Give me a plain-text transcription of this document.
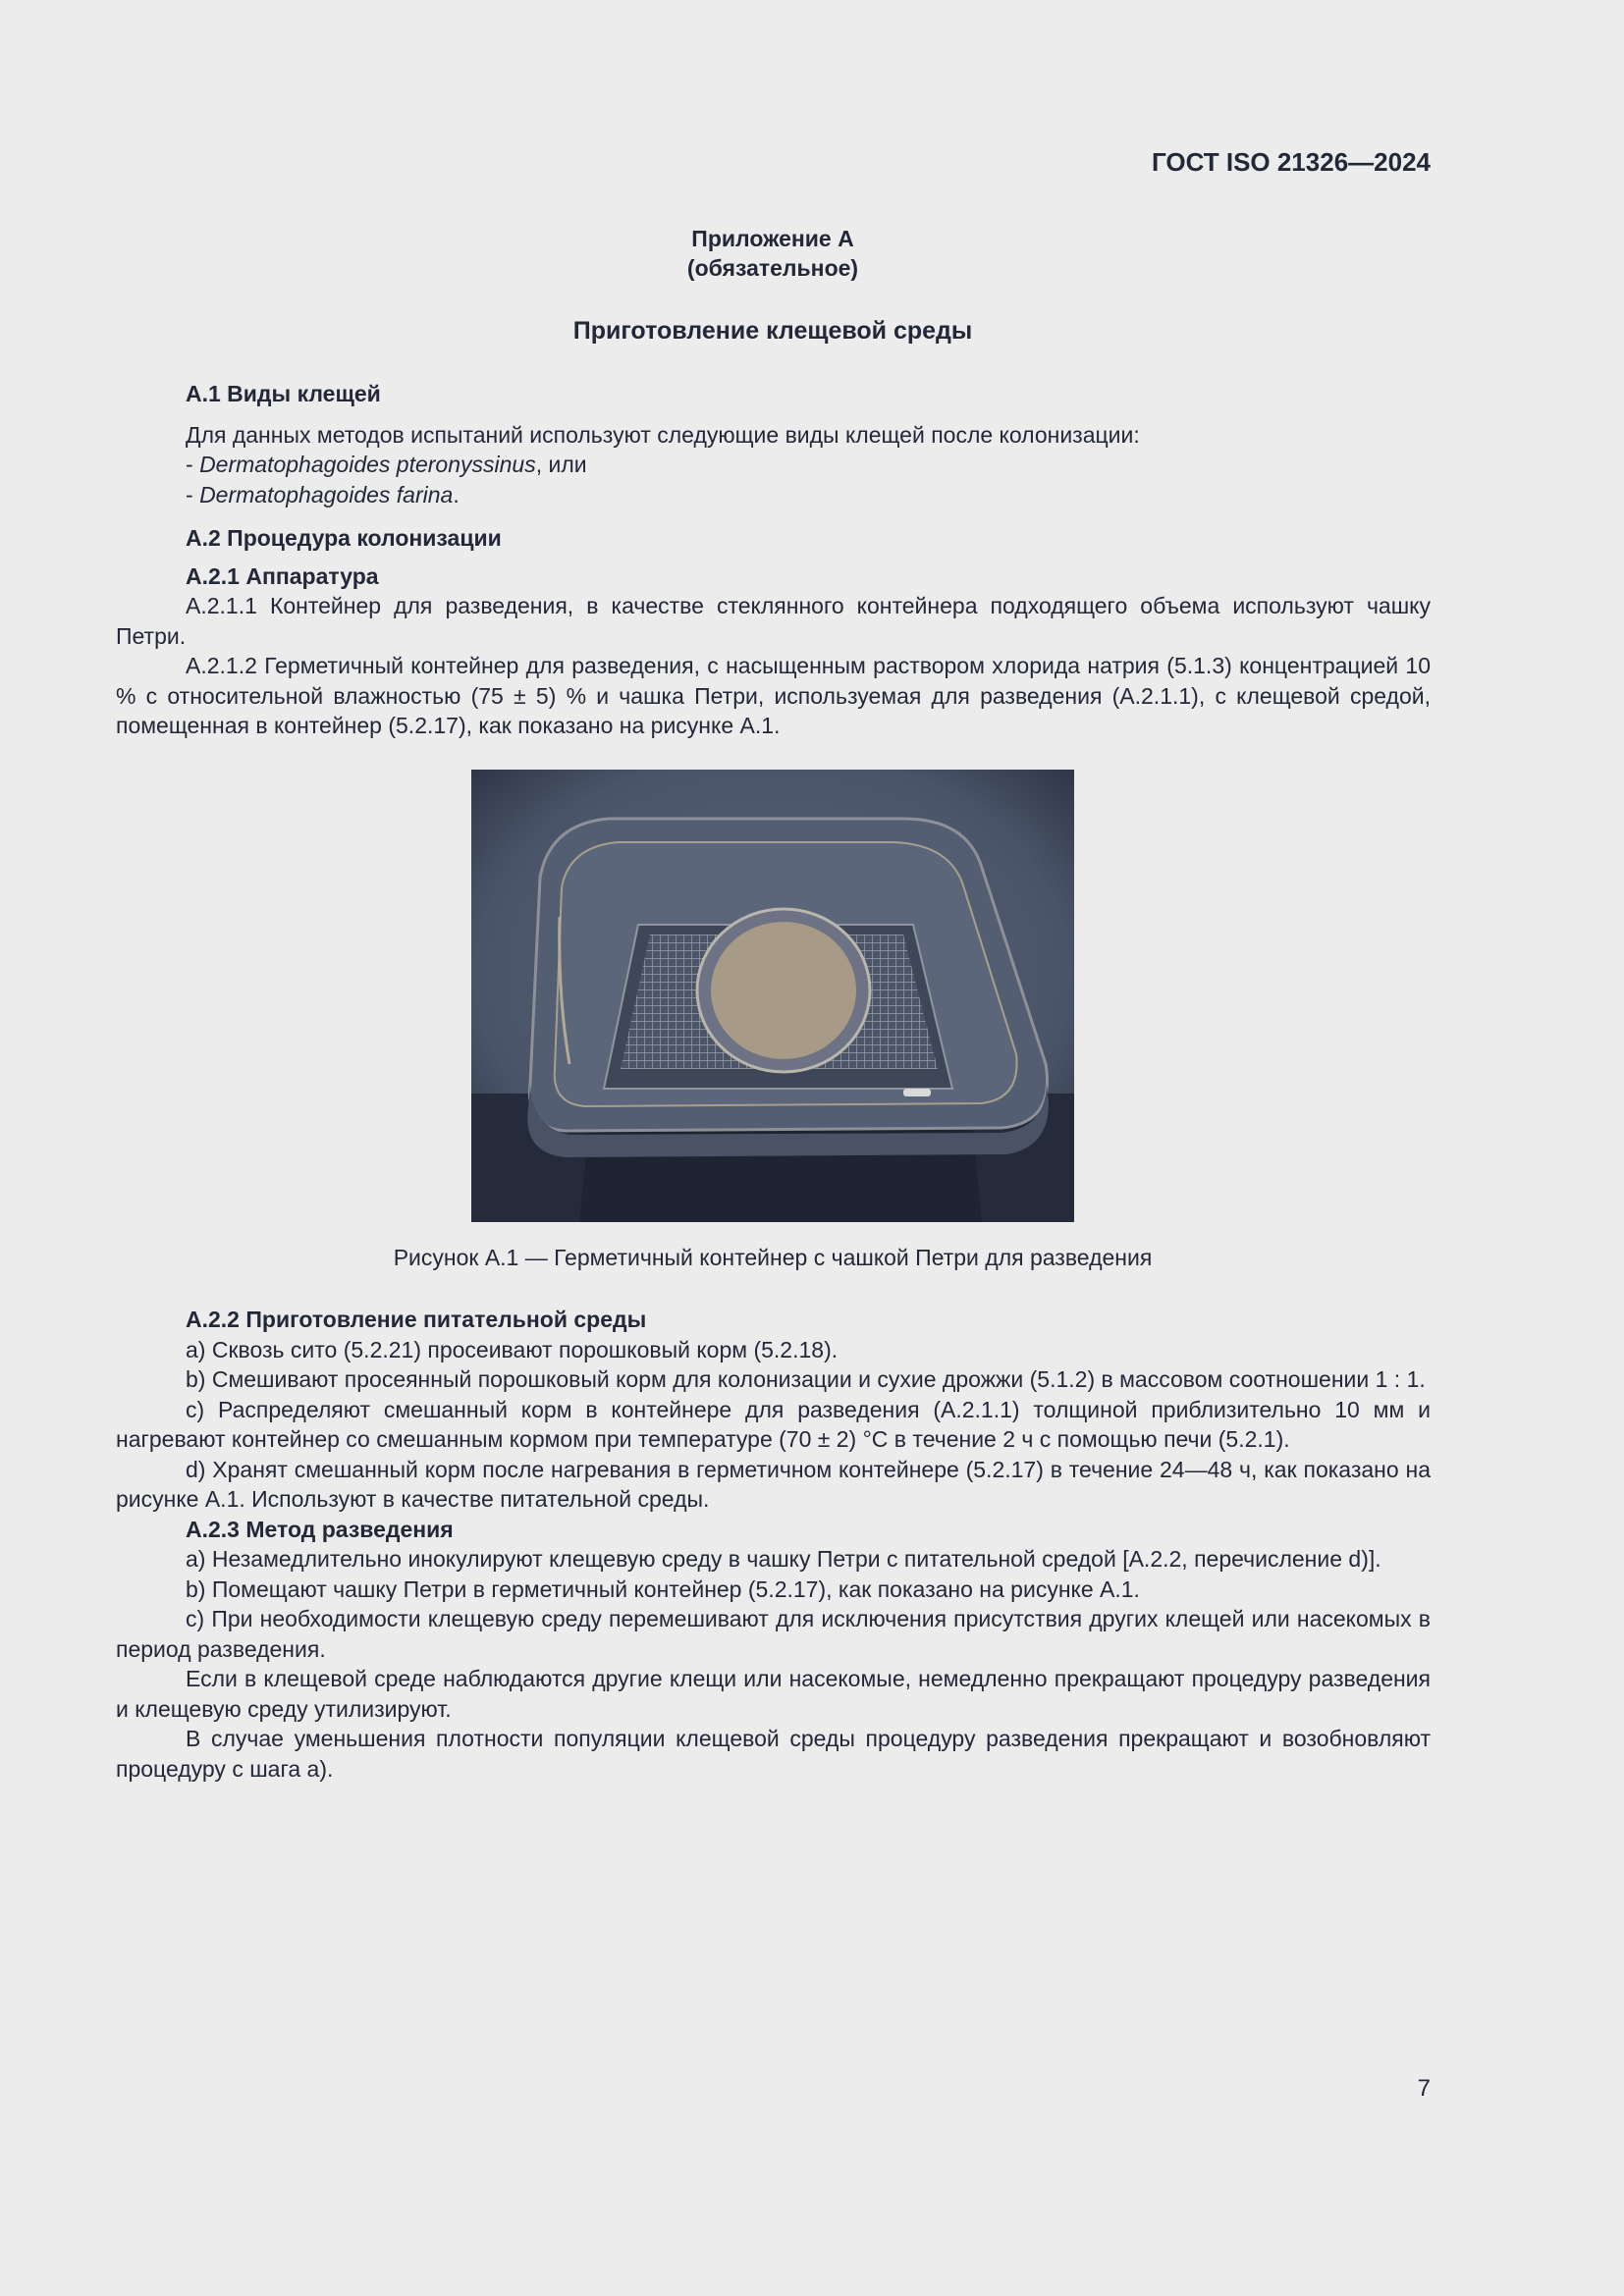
ГОСТ ISO 21326—2024
Приложение А
(обязательное)
Приготовление клещевой среды

А.1 Виды клещей

Для данных методов испытаний используют следующие виды клещей после колонизации:

- Dermatophagoides pteronyssinus, или

- Dermatophagoides farina.

А.2 Процедура колонизации

А.2.1 Аппаратура

А.2.1.1 Контейнер для разведения, в качестве стеклянного контейнера подходящего объема используют чашку Петри.

А.2.1.2 Герметичный контейнер для разведения, с насыщенным раствором хлорида натрия (5.1.3) концентрацией 10 % с относительной влажностью (75 ± 5) % и чашка Петри, используемая для разведения (А.2.1.1), с клещевой средой, помещенная в контейнер (5.2.17), как показано на рисунке А.1.

Рисунок А.1 — Герметичный контейнер с чашкой Петри для разведения

А.2.2 Приготовление питательной среды

a) Сквозь сито (5.2.21) просеивают порошковый корм (5.2.18).

b) Смешивают просеянный порошковый корм для колонизации и сухие дрожжи (5.1.2) в массовом соотношении 1 : 1.

c) Распределяют смешанный корм в контейнере для разведения (А.2.1.1) толщиной приблизительно 10 мм и нагревают контейнер со смешанным кормом при температуре (70 ± 2) °С в течение 2 ч с помощью печи (5.2.1).

d) Хранят смешанный корм после нагревания в герметичном контейнере (5.2.17) в течение 24—48 ч, как показано на рисунке А.1. Используют в качестве питательной среды.

А.2.3 Метод разведения

a) Незамедлительно инокулируют клещевую среду в чашку Петри с питательной средой [А.2.2, перечисление d)].

b) Помещают чашку Петри в герметичный контейнер (5.2.17), как показано на рисунке А.1.

c) При необходимости клещевую среду перемешивают для исключения присутствия других клещей или насекомых в период разведения.

Если в клещевой среде наблюдаются другие клещи или насекомые, немедленно прекращают процедуру разведения и клещевую среду утилизируют.

В случае уменьшения плотности популяции клещевой среды процедуру разведения прекращают и возобновляют процедуру с шага а).

7
